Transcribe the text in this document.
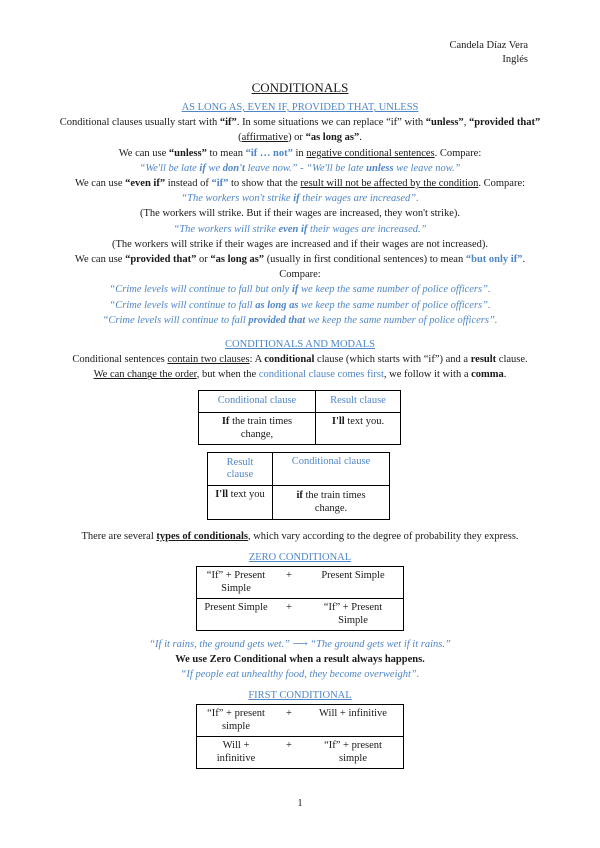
Candela Díaz Vera
Inglés
CONDITIONALS
AS LONG AS, EVEN IF, PROVIDED THAT, UNLESS
Conditional clauses usually start with “if”. In some situations we can replace “if” with “unless”, “provided that”
(affirmative) or “as long as”.
We can use “unless” to mean “if … not” in negative conditional sentences. Compare:
“We'll be late if we don't leave now.” - “We'll be late unless we leave now.”
We can use “even if” instead of “if” to show that the result will not be affected by the condition. Compare:
“The workers won't strike if their wages are increased”.
(The workers will strike. But if their wages are increased, they won't strike).
“The workers will strike even if their wages are increased.”
(The workers will strike if their wages are increased and if their wages are not increased).
We can use “provided that” or “as long as” (usually in first conditional sentences) to mean “but only if”.
Compare:
“Crime levels will continue to fall but only if we keep the same number of police officers”.
“Crime levels will continue to fall as long as we keep the same number of police officers”.
“Crime levels will continue to fall provided that we keep the same number of police officers”.
CONDITIONALS AND MODALS
Conditional sentences contain two clauses: A conditional clause (which starts with “if”) and a result clause.
We can change the order, but when the conditional clause comes first, we follow it with a comma.
Conditional clause	Result clause
If the train times change,	I'll text you.
Result clause	Conditional clause
I'll text you	if the train times change.
There are several types of conditionals, which vary according to the degree of probability they express.
ZERO CONDITIONAL
“If” + Present Simple	+	Present Simple
Present Simple	+	“If” + Present Simple
“If it rains, the ground gets wet.” ⟶ “The ground gets wet if it rains.”
We use Zero Conditional when a result always happens.
“If people eat unhealthy food, they become overweight”.
FIRST CONDITIONAL
“If” + present simple	+	Will + infinitive
Will + infinitive	+	“If” + present simple
1
